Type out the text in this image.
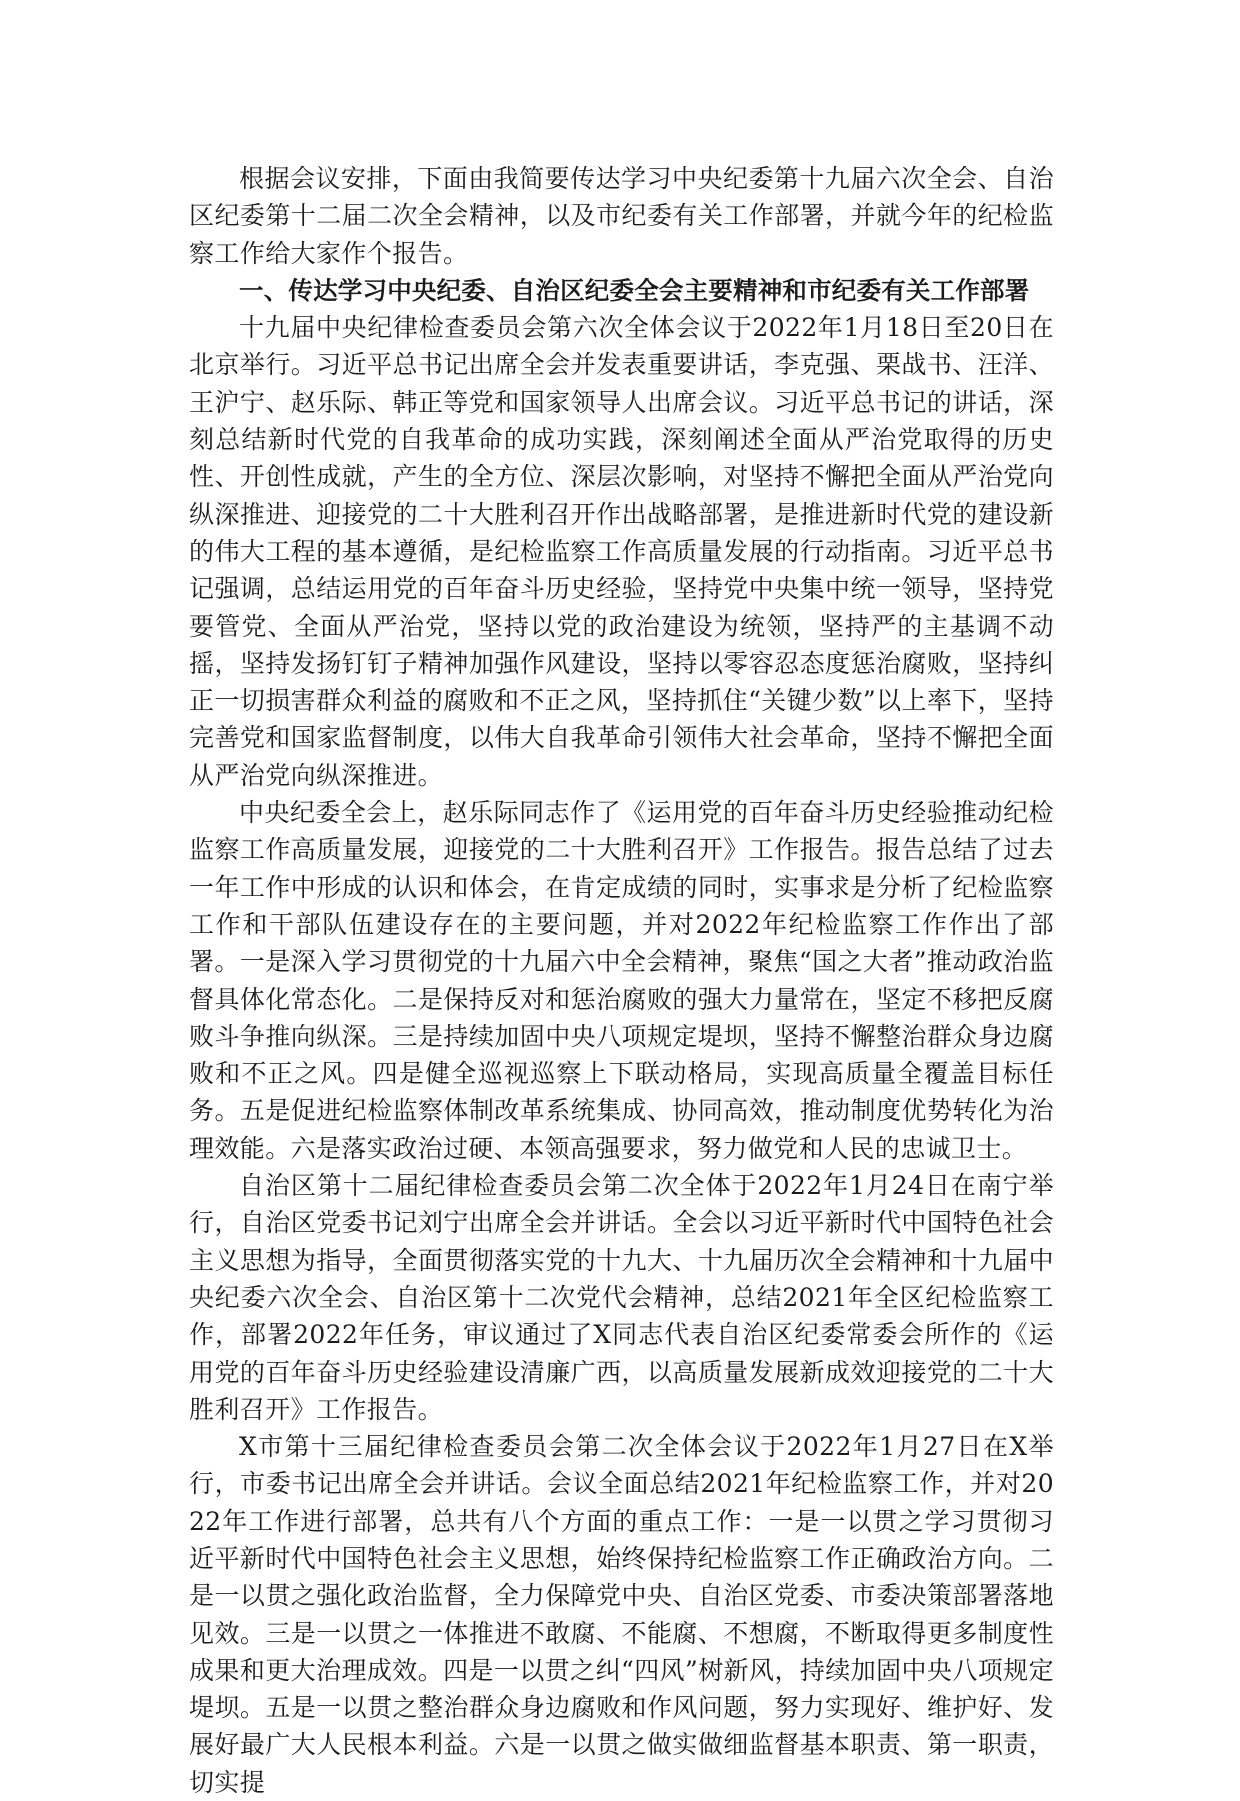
根据会议安排，下面由我简要传达学习中央纪委第十九届六次全会、自治区纪委第十二届二次全会精神，以及市纪委有关工作部署，并就今年的纪检监察工作给大家作个报告。

一、传达学习中央纪委、自治区纪委全会主要精神和市纪委有关工作部署

十九届中央纪律检查委员会第六次全体会议于2022年1月18日至20日在北京举行。习近平总书记出席全会并发表重要讲话，李克强、栗战书、汪洋、王沪宁、赵乐际、韩正等党和国家领导人出席会议。习近平总书记的讲话，深刻总结新时代党的自我革命的成功实践，深刻阐述全面从严治党取得的历史性、开创性成就，产生的全方位、深层次影响，对坚持不懈把全面从严治党向纵深推进、迎接党的二十大胜利召开作出战略部署，是推进新时代党的建设新的伟大工程的基本遵循，是纪检监察工作高质量发展的行动指南。习近平总书记强调，总结运用党的百年奋斗历史经验，坚持党中央集中统一领导，坚持党要管党、全面从严治党，坚持以党的政治建设为统领，坚持严的主基调不动摇，坚持发扬钉钉子精神加强作风建设，坚持以零容忍态度惩治腐败，坚持纠正一切损害群众利益的腐败和不正之风，坚持抓住“关键少数”以上率下，坚持完善党和国家监督制度，以伟大自我革命引领伟大社会革命，坚持不懈把全面从严治党向纵深推进。

中央纪委全会上，赵乐际同志作了《运用党的百年奋斗历史经验推动纪检监察工作高质量发展，迎接党的二十大胜利召开》工作报告。报告总结了过去一年工作中形成的认识和体会，在肯定成绩的同时，实事求是分析了纪检监察工作和干部队伍建设存在的主要问题，并对2022年纪检监察工作作出了部署。一是深入学习贯彻党的十九届六中全会精神，聚焦“国之大者”推动政治监督具体化常态化。二是保持反对和惩治腐败的强大力量常在，坚定不移把反腐败斗争推向纵深。三是持续加固中央八项规定堤坝，坚持不懈整治群众身边腐败和不正之风。四是健全巡视巡察上下联动格局，实现高质量全覆盖目标任务。五是促进纪检监察体制改革系统集成、协同高效，推动制度优势转化为治理效能。六是落实政治过硬、本领高强要求，努力做党和人民的忠诚卫士。

自治区第十二届纪律检查委员会第二次全体于2022年1月24日在南宁举行，自治区党委书记刘宁出席全会并讲话。全会以习近平新时代中国特色社会主义思想为指导，全面贯彻落实党的十九大、十九届历次全会精神和十九届中央纪委六次全会、自治区第十二次党代会精神，总结2021年全区纪检监察工作，部署2022年任务，审议通过了X同志代表自治区纪委常委会所作的《运用党的百年奋斗历史经验建设清廉广西，以高质量发展新成效迎接党的二十大胜利召开》工作报告。

X市第十三届纪律检查委员会第二次全体会议于2022年1月27日在X举行，市委书记出席全会并讲话。会议全面总结2021年纪检监察工作，并对2022年工作进行部署，总共有八个方面的重点工作：一是一以贯之学习贯彻习近平新时代中国特色社会主义思想，始终保持纪检监察工作正确政治方向。二是一以贯之强化政治监督，全力保障党中央、自治区党委、市委决策部署落地见效。三是一以贯之一体推进不敢腐、不能腐、不想腐，不断取得更多制度性成果和更大治理成效。四是一以贯之纠“四风”树新风，持续加固中央八项规定堤坝。五是一以贯之整治群众身边腐败和作风问题，努力实现好、维护好、发展好最广大人民根本利益。六是一以贯之做实做细监督基本职责、第一职责，切实提
